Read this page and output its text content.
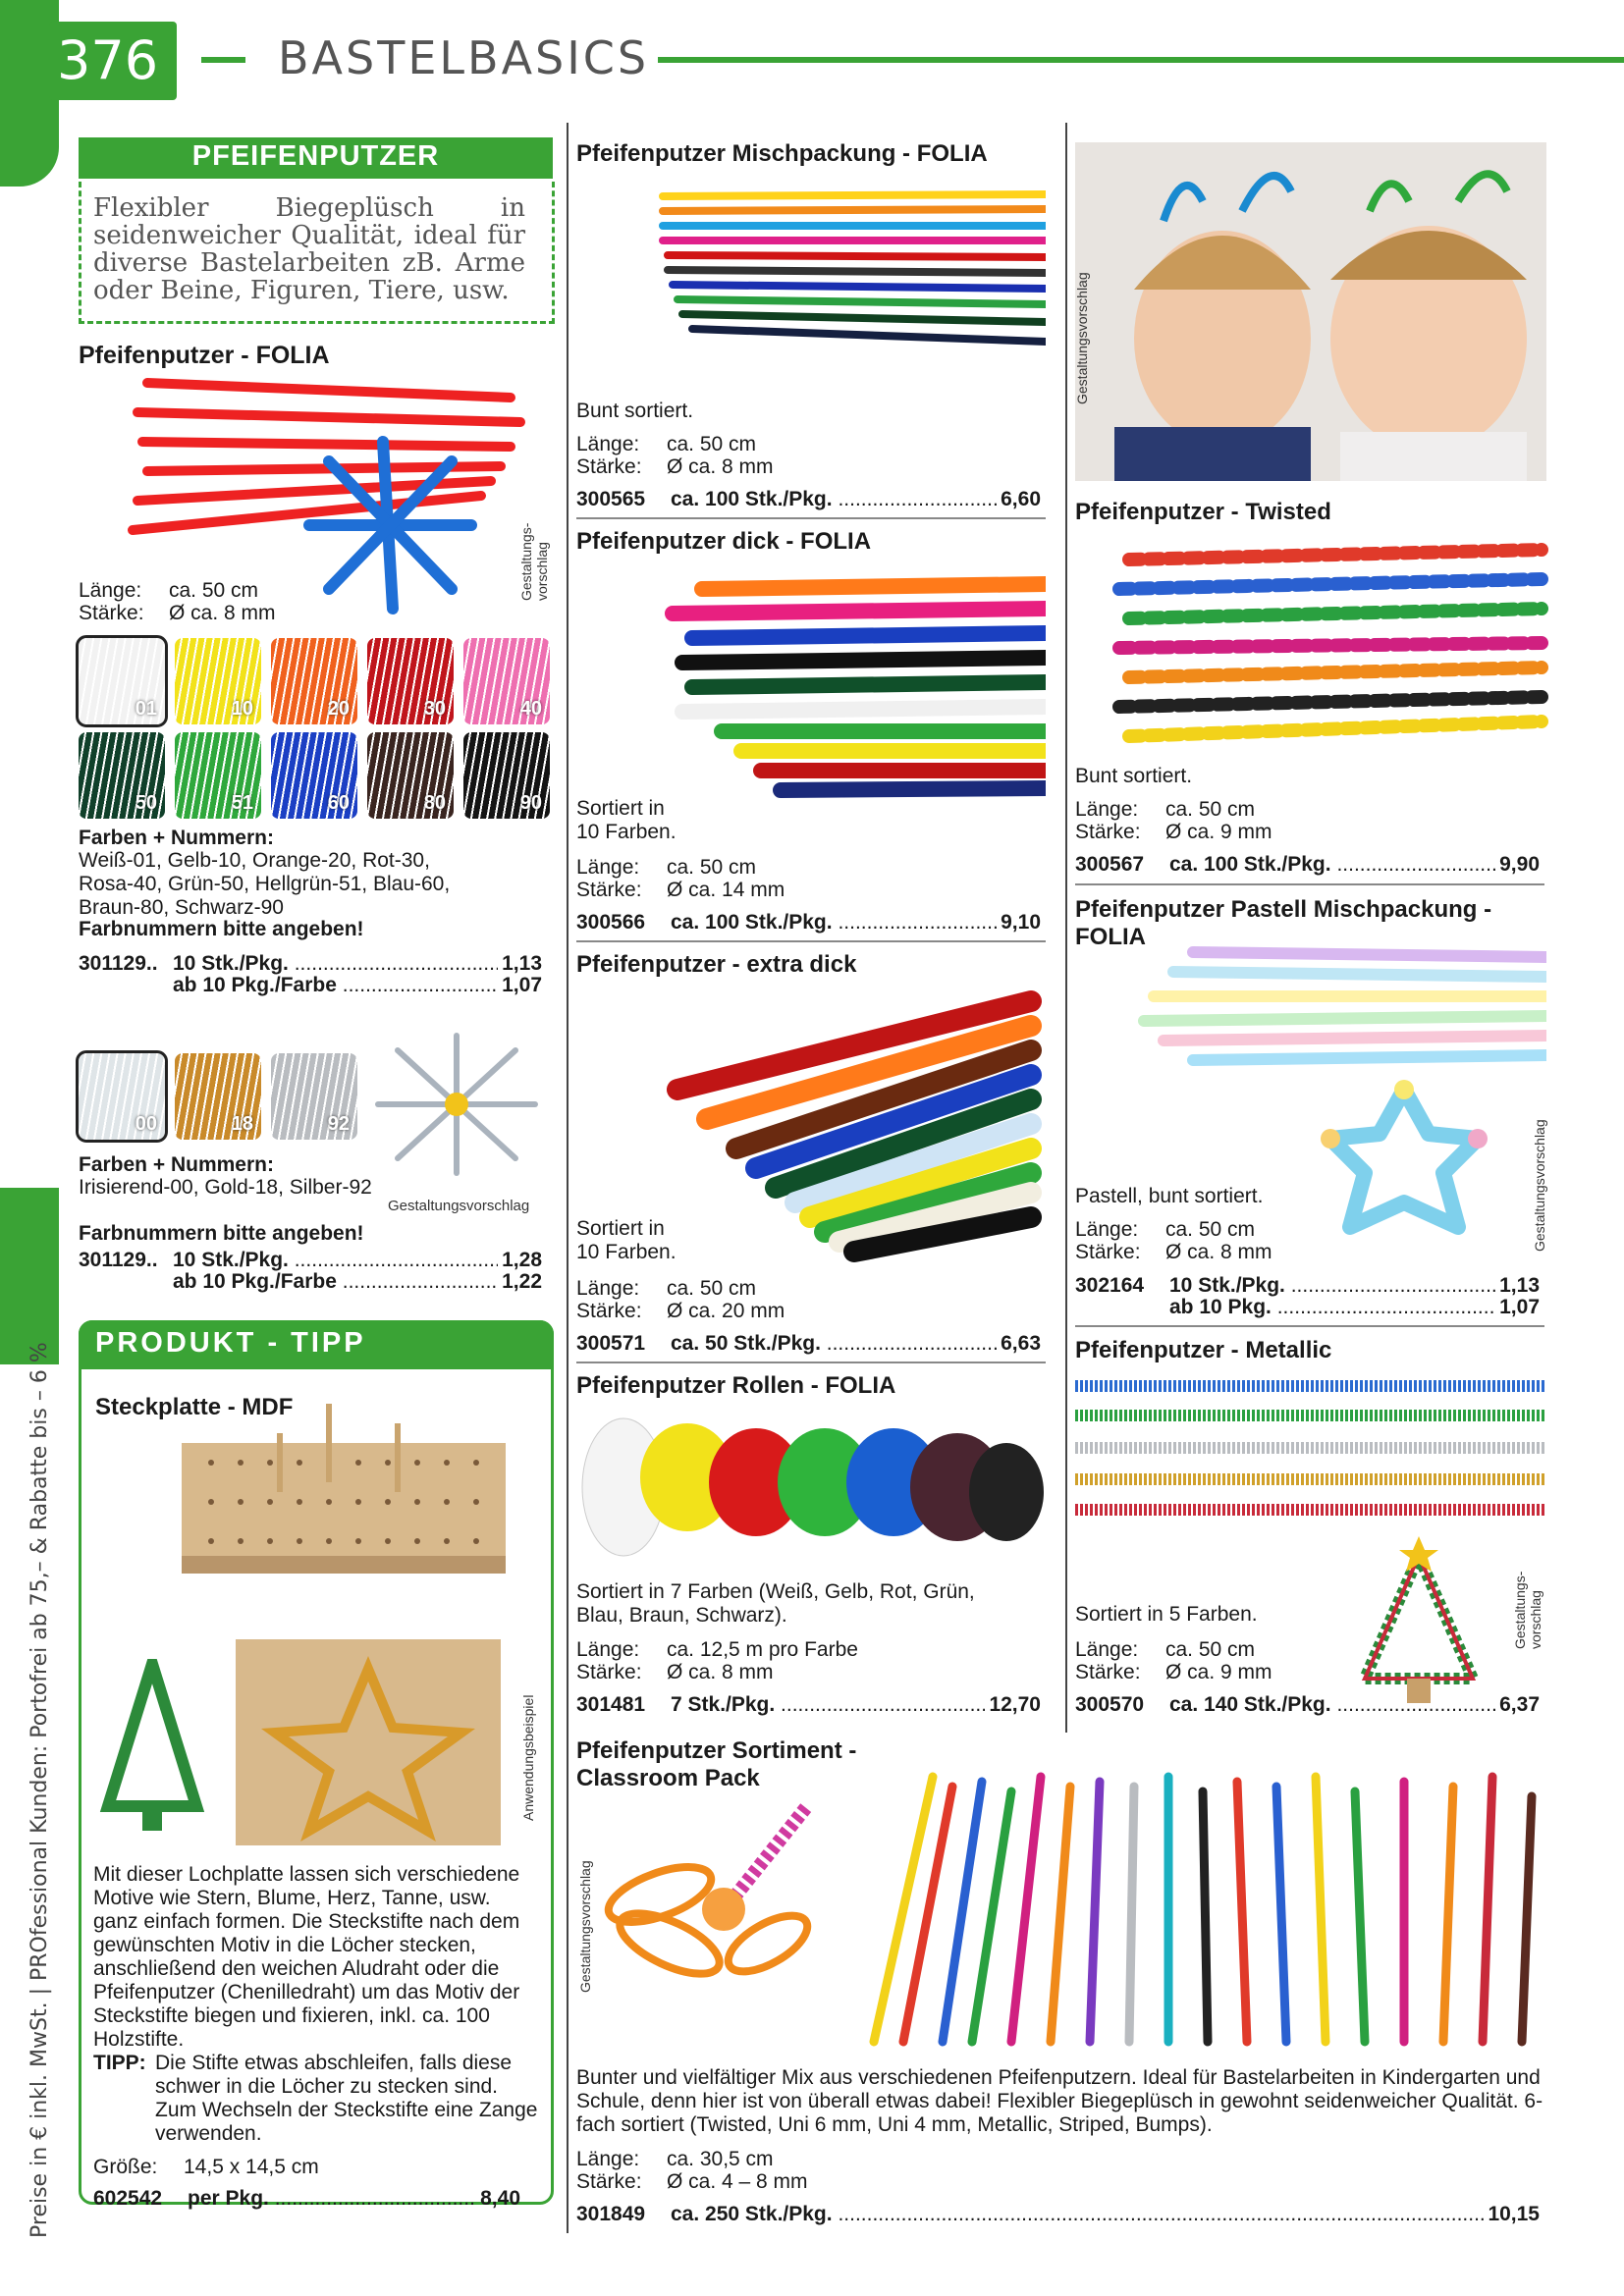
376	BASTELBASICS
Preise in € inkl. MwSt. | PROfessional Kunden: Portofrei ab 75,– & Rabatte bis – 6 %
PFEIFENPUTZER
Flexibler Biegeplüsch in seidenweicher Qualität, ideal für diverse Bastelarbeiten zB. Arme oder Beine, Figuren, Tiere, usw.
Pfeifenputzer - FOLIA
Gestaltungs-vorschlag
Länge: ca. 50 cm
Stärke: Ø ca. 8 mm
01	10	20	30	40
50	51	60	80	90
Farben + Nummern:
Weiß-01, Gelb-10, Orange-20, Rot-30, Rosa-40, Grün-50, Hellgrün-51, Blau-60, Braun-80, Schwarz-90
Farbnummern bitte angeben!
301129.. 10 Stk./Pkg. .....	1,13
ab 10 Pkg./Farbe .....	1,07
00	18	92
Gestaltungsvorschlag
Farben + Nummern:
Irisierend-00, Gold-18, Silber-92
Farbnummern bitte angeben!
301129.. 10 Stk./Pkg. .....	1,28
ab 10 Pkg./Farbe .....	1,22
PRODUKT - TIPP
Steckplatte - MDF
Anwendungsbeispiel
Mit dieser Lochplatte lassen sich verschiedene Motive wie Stern, Blume, Herz, Tanne, usw. ganz einfach formen. Die Steckstifte nach dem gewünschten Motiv in die Löcher stecken, anschließend den weichen Aludraht oder die Pfeifenputzer (Chenilledraht) um das Motiv der Steckstifte biegen und fixieren, inkl. ca. 100 Holzstifte.
TIPP: Die Stifte etwas abschleifen, falls diese schwer in die Löcher zu stecken sind. Zum Wechseln der Steckstifte eine Zange verwenden.
Größe: 14,5 x 14,5 cm
602542	per Pkg. .....	8,40
Pfeifenputzer Mischpackung - FOLIA
Bunt sortiert.
Länge: ca. 50 cm
Stärke: Ø ca. 8 mm
300565	ca. 100 Stk./Pkg. .....	6,60
Pfeifenputzer dick - FOLIA
Sortiert in 10 Farben.
Länge: ca. 50 cm
Stärke: Ø ca. 14 mm
300566	ca. 100 Stk./Pkg. .....	9,10
Pfeifenputzer - extra dick
Sortiert in 10 Farben.
Länge: ca. 50 cm
Stärke: Ø ca. 20 mm
300571	ca. 50 Stk./Pkg. .....	6,63
Pfeifenputzer Rollen - FOLIA
Sortiert in 7 Farben (Weiß, Gelb, Rot, Grün, Blau, Braun, Schwarz).
Länge: ca. 12,5 m pro Farbe
Stärke: Ø ca. 8 mm
301481	7 Stk./Pkg. .....	12,70
Gestaltungsvorschlag
Pfeifenputzer - Twisted
Bunt sortiert.
Länge: ca. 50 cm
Stärke: Ø ca. 9 mm
300567	ca. 100 Stk./Pkg. .....	9,90
Pfeifenputzer Pastell Mischpackung - FOLIA
Gestaltungsvorschlag
Pastell, bunt sortiert.
Länge: ca. 50 cm
Stärke: Ø ca. 8 mm
302164	10 Stk./Pkg. .....	1,13
ab 10 Pkg. .....	1,07
Pfeifenputzer - Metallic
Gestaltungs-vorschlag
Sortiert in 5 Farben.
Länge: ca. 50 cm
Stärke: Ø ca. 9 mm
300570	ca. 140 Stk./Pkg. .....	6,37
Pfeifenputzer Sortiment - Classroom Pack
Gestaltungsvorschlag
Bunter und vielfältiger Mix aus verschiedenen Pfeifenputzern. Ideal für Bastelarbeiten in Kindergarten und Schule, denn hier ist von überall etwas dabei! Flexibler Biegeplüsch in gewohnt seidenweicher Qualität. 6-fach sortiert (Twisted, Uni 6 mm, Uni 4 mm, Metallic, Striped, Bumps).
Länge: ca. 30,5 cm
Stärke: Ø ca. 4 – 8 mm
301849	ca. 250 Stk./Pkg. .....	10,15
